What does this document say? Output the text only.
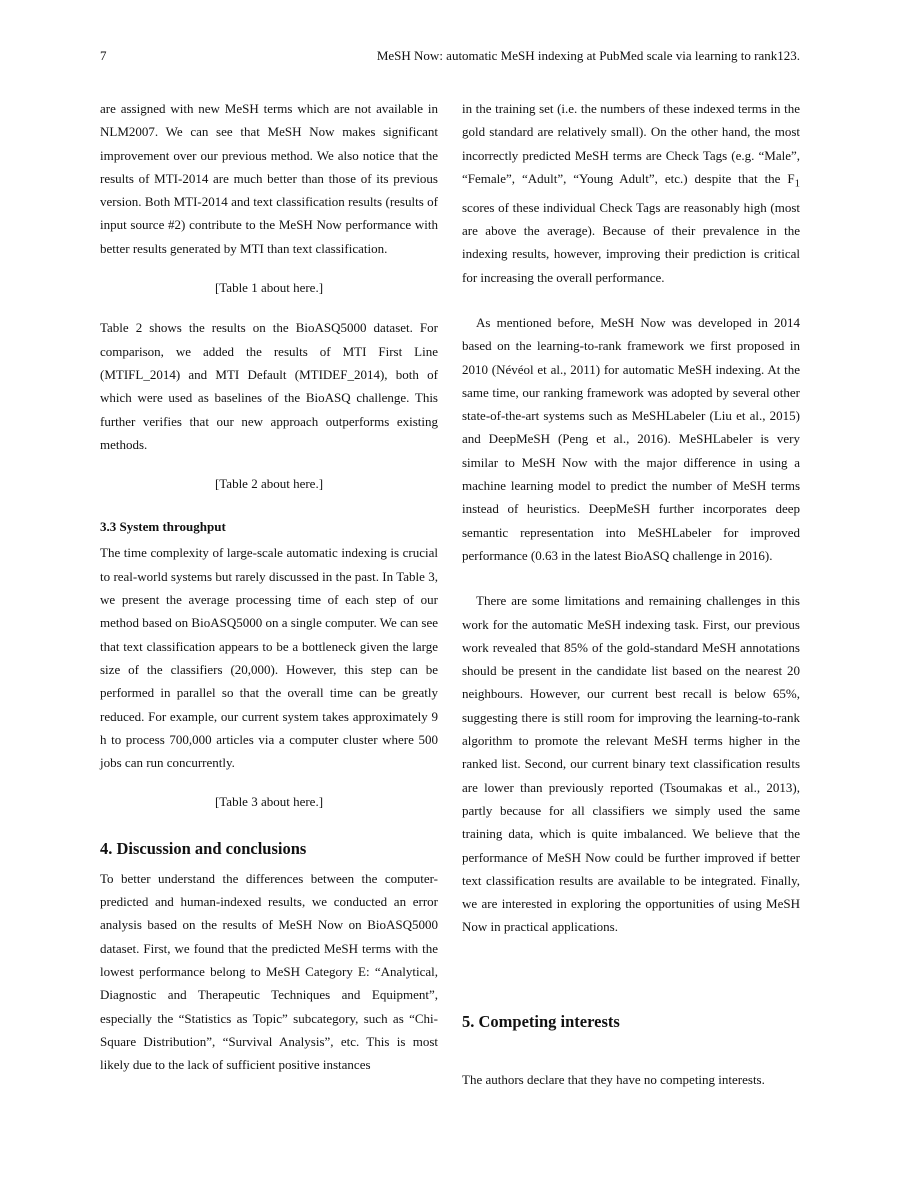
7	MeSH Now: automatic MeSH indexing at PubMed scale via learning to rank123.

are assigned with new MeSH terms which are not available in NLM2007. We can see that MeSH Now makes significant improvement over our previous method. We also notice that the results of MTI-2014 are much better than those of its previous version. Both MTI-2014 and text classification results (results of input source #2) contribute to the MeSH Now performance with better results generated by MTI than text classification.

[Table 1 about here.]

Table 2 shows the results on the BioASQ5000 dataset. For comparison, we added the results of MTI First Line (MTIFL_2014) and MTI Default (MTIDEF_2014), both of which were used as baselines of the BioASQ challenge. This further verifies that our new approach outperforms existing methods.

[Table 2 about here.]

3.3 System throughput

The time complexity of large-scale automatic indexing is crucial to real-world systems but rarely discussed in the past. In Table 3, we present the average processing time of each step of our method based on BioASQ5000 on a single computer. We can see that text classification appears to be a bottleneck given the large size of the classifiers (20,000). However, this step can be performed in parallel so that the overall time can be greatly reduced. For example, our current system takes approximately 9 h to process 700,000 articles via a computer cluster where 500 jobs can run concurrently.

[Table 3 about here.]

4. Discussion and conclusions

To better understand the differences between the computer-predicted and human-indexed results, we conducted an error analysis based on the results of MeSH Now on BioASQ5000 dataset. First, we found that the predicted MeSH terms with the lowest performance belong to MeSH Category E: “Analytical, Diagnostic and Therapeutic Techniques and Equipment”, especially the “Statistics as Topic” subcategory, such as “Chi-Square Distribution”, “Survival Analysis”, etc. This is most likely due to the lack of sufficient positive instances

in the training set (i.e. the numbers of these indexed terms in the gold standard are relatively small). On the other hand, the most incorrectly predicted MeSH terms are Check Tags (e.g. “Male”, “Female”, “Adult”, “Young Adult”, etc.) despite that the $F_1$ scores of these individual Check Tags are reasonably high (most are above the average). Because of their prevalence in the indexing results, however, improving their prediction is critical for increasing the overall performance.

As mentioned before, MeSH Now was developed in 2014 based on the learning-to-rank framework we first proposed in 2010 (Névéol et al., 2011) for automatic MeSH indexing. At the same time, our ranking framework was adopted by several other state-of-the-art systems such as MeSHLabeler (Liu et al., 2015) and DeepMeSH (Peng et al., 2016). MeSHLabeler is very similar to MeSH Now with the major difference in using a machine learning model to predict the number of MeSH terms instead of heuristics. DeepMeSH further incorporates deep semantic representation into MeSHLabeler for improved performance (0.63 in the latest BioASQ challenge in 2016).

There are some limitations and remaining challenges in this work for the automatic MeSH indexing task. First, our previous work revealed that 85% of the gold-standard MeSH annotations should be present in the candidate list based on the nearest 20 neighbours. However, our current best recall is below 65%, suggesting there is still room for improving the learning-to-rank algorithm to promote the relevant MeSH terms higher in the ranked list. Second, our current binary text classification results are lower than previously reported (Tsoumakas et al., 2013), partly because for all classifiers we simply used the same training data, which is quite imbalanced. We believe that the performance of MeSH Now could be further improved if better text classification results are available to be integrated. Finally, we are interested in exploring the opportunities of using MeSH Now in practical applications.

5. Competing interests

The authors declare that they have no competing interests.
